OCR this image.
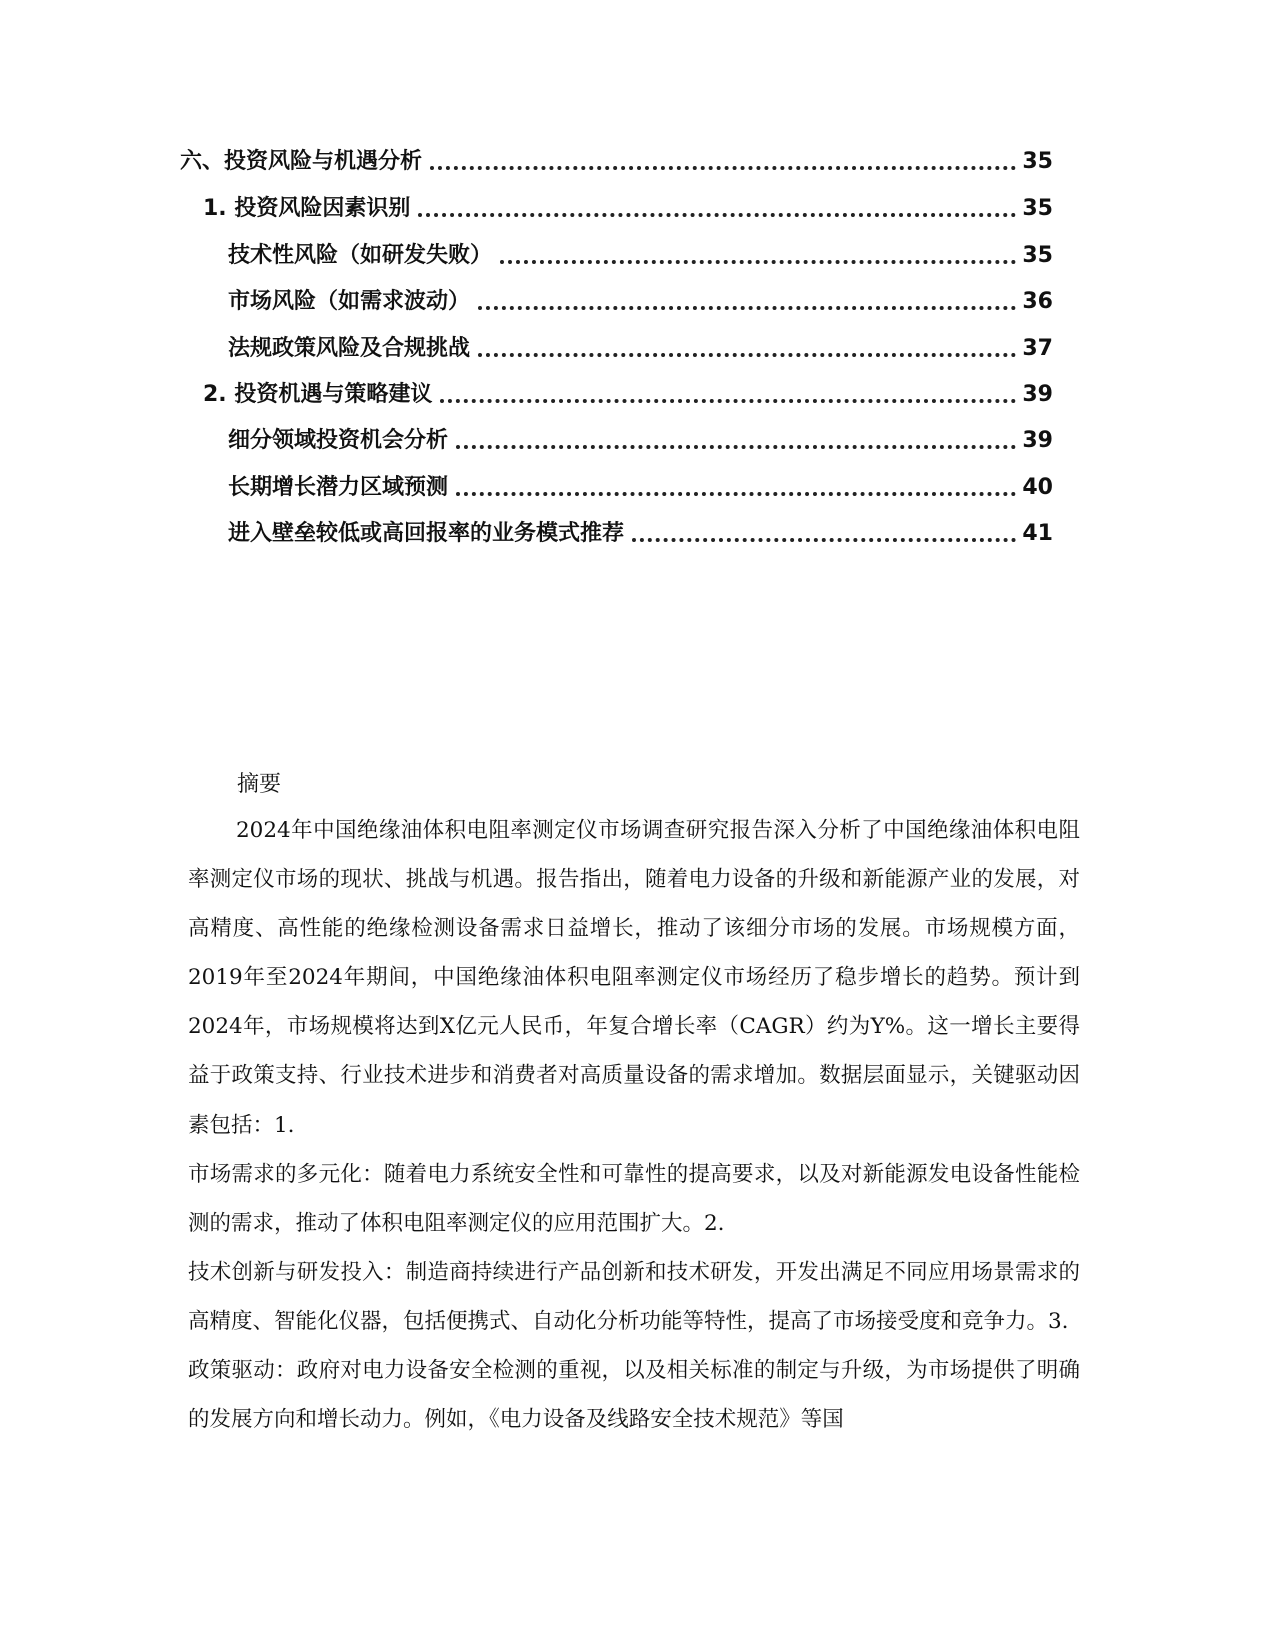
六、投资风险与机遇分析	35
1. 投资风险因素识别	35
技术性风险（如研发失败）	35
市场风险（如需求波动）	36
法规政策风险及合规挑战	37
2. 投资机遇与策略建议	39
细分领域投资机会分析	39
长期增长潜力区域预测	40
进入壁垒较低或高回报率的业务模式推荐	41
摘要

2024年中国绝缘油体积电阻率测定仪市场调查研究报告深入分析了中国绝缘油体积电阻率测定仪市场的现状、挑战与机遇。报告指出，随着电力设备的升级和新能源产业的发展，对高精度、高性能的绝缘检测设备需求日益增长，推动了该细分市场的发展。市场规模方面，2019年至2024年期间，中国绝缘油体积电阻率测定仪市场经历了稳步增长的趋势。预计到2024年，市场规模将达到X亿元人民币，年复合增长率（CAGR）约为Y%。这一增长主要得益于政策支持、行业技术进步和消费者对高质量设备的需求增加。数据层面显示，关键驱动因素包括：1.

市场需求的多元化：随着电力系统安全性和可靠性的提高要求，以及对新能源发电设备性能检测的需求，推动了体积电阻率测定仪的应用范围扩大。2.

技术创新与研发投入：制造商持续进行产品创新和技术研发，开发出满足不同应用场景需求的高精度、智能化仪器，包括便携式、自动化分析功能等特性，提高了市场接受度和竞争力。3.

政策驱动：政府对电力设备安全检测的重视，以及相关标准的制定与升级，为市场提供了明确的发展方向和增长动力。例如，《电力设备及线路安全技术规范》等国
